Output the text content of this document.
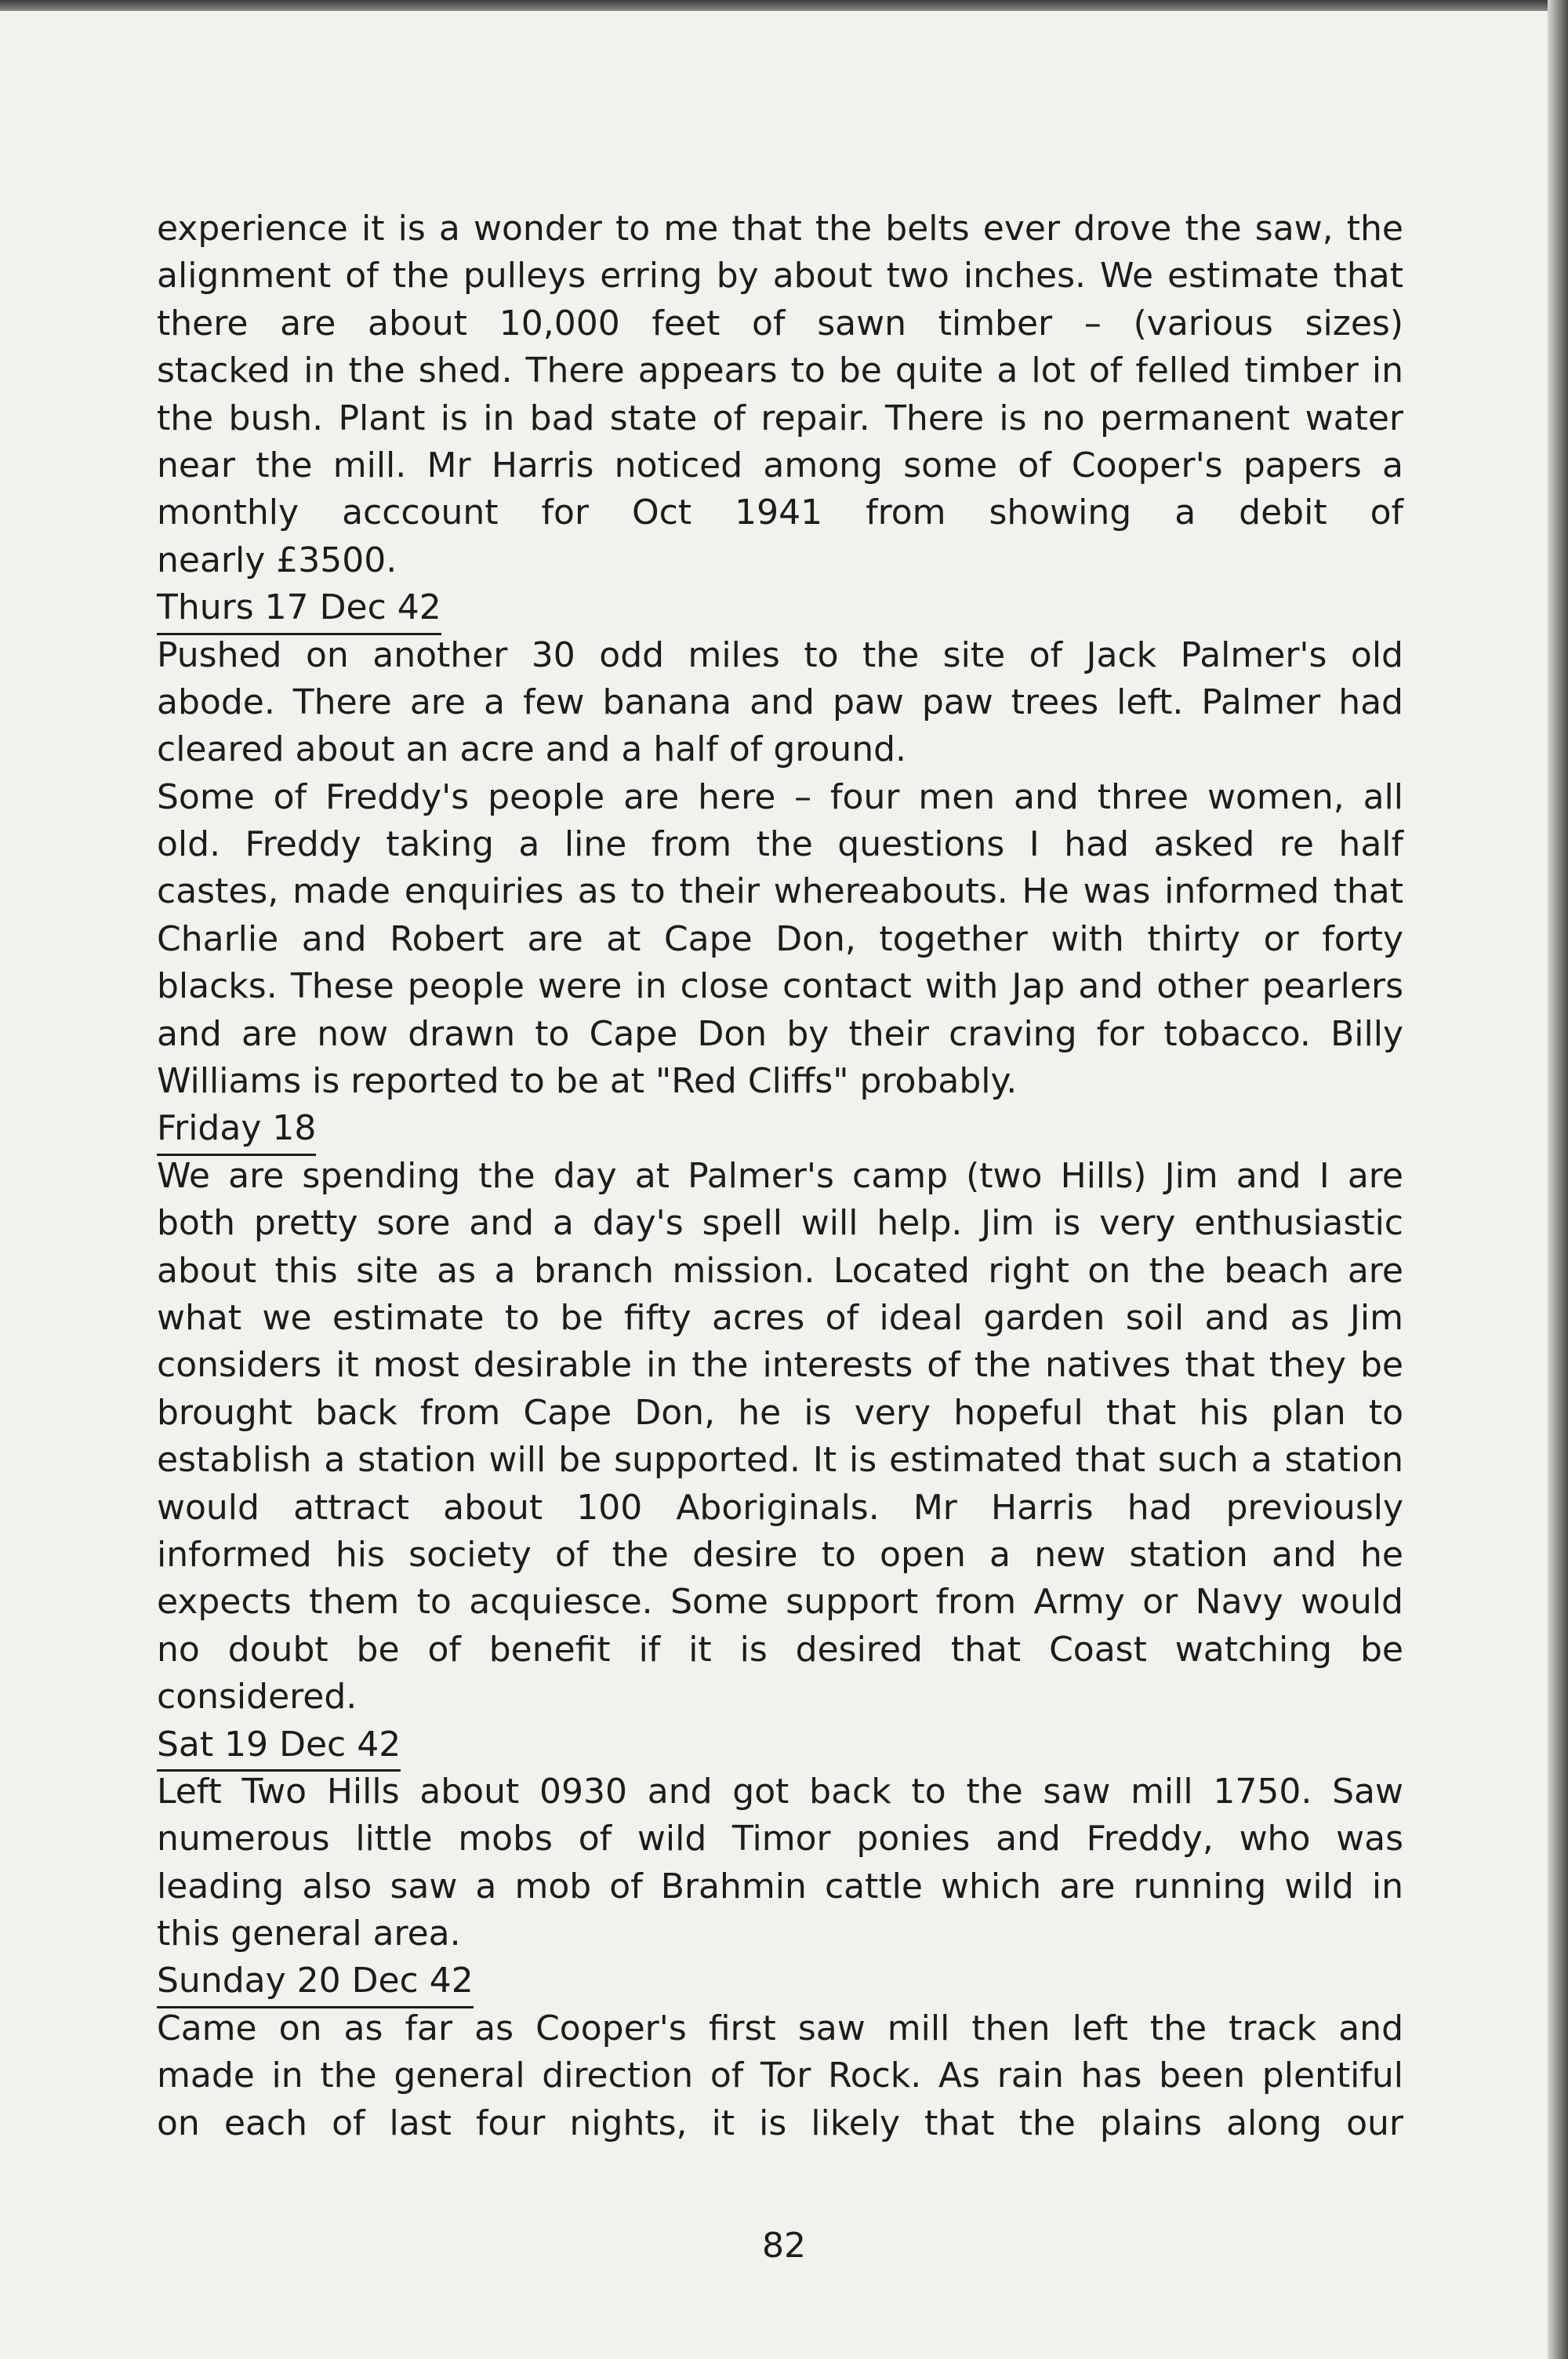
experience it is a wonder to me that the belts ever drove the saw, the
alignment of the pulleys erring by about two inches. We estimate that
there are about 10,000 feet of sawn timber – (various sizes)
stacked in the shed. There appears to be quite a lot of felled timber in
the bush. Plant is in bad state of repair. There is no permanent water
near the mill. Mr Harris noticed among some of Cooper's papers a
monthly acccount for Oct 1941 from showing a debit of
nearly £3500.
Thurs 17 Dec 42
Pushed on another 30 odd miles to the site of Jack Palmer's old
abode. There are a few banana and paw paw trees left. Palmer had
cleared about an acre and a half of ground.
Some of Freddy's people are here – four men and three women, all
old. Freddy taking a line from the questions I had asked re half
castes, made enquiries as to their whereabouts. He was informed that
Charlie and Robert are at Cape Don, together with thirty or forty
blacks. These people were in close contact with Jap and other pearlers
and are now drawn to Cape Don by their craving for tobacco. Billy
Williams is reported to be at "Red Cliffs" probably.
Friday 18
We are spending the day at Palmer's camp (two Hills) Jim and I are
both pretty sore and a day's spell will help. Jim is very enthusiastic
about this site as a branch mission. Located right on the beach are
what we estimate to be fifty acres of ideal garden soil and as Jim
considers it most desirable in the interests of the natives that they be
brought back from Cape Don, he is very hopeful that his plan to
establish a station will be supported. It is estimated that such a station
would attract about 100 Aboriginals. Mr Harris had previously
informed his society of the desire to open a new station and he
expects them to acquiesce. Some support from Army or Navy would
no doubt be of benefit if it is desired that Coast watching be
considered.
Sat 19 Dec 42
Left Two Hills about 0930 and got back to the saw mill 1750. Saw
numerous little mobs of wild Timor ponies and Freddy, who was
leading also saw a mob of Brahmin cattle which are running wild in
this general area.
Sunday 20 Dec 42
Came on as far as Cooper's first saw mill then left the track and
made in the general direction of Tor Rock. As rain has been plentiful
on each of last four nights, it is likely that the plains along our
82
